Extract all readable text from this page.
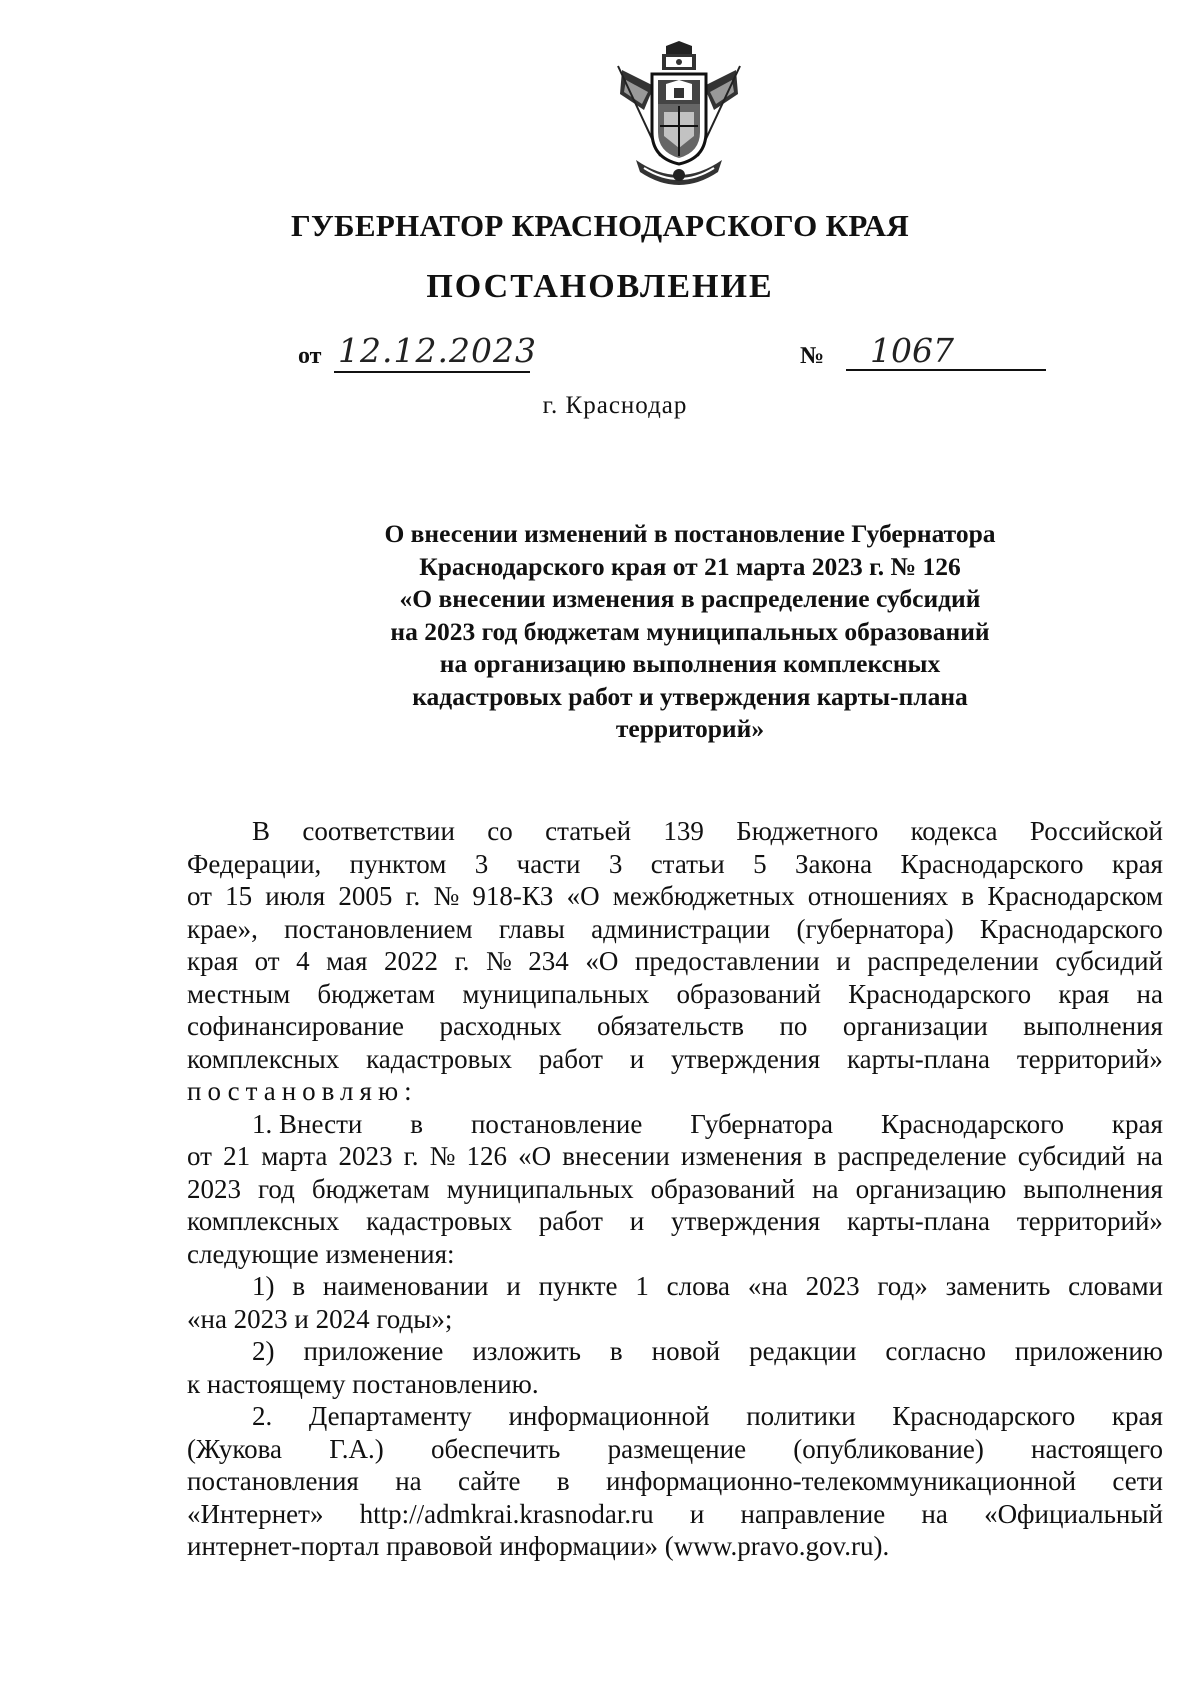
ГУБЕРНАТОР КРАСНОДАРСКОГО КРАЯ
ПОСТАНОВЛЕНИЕ
от 12.12.2023	№	1067
г. Краснодар
О внесении изменений в постановление Губернатора
Краснодарского края от 21 марта 2023 г. № 126
«О внесении изменения в распределение субсидий
на 2023 год бюджетам муниципальных образований
на организацию выполнения комплексных
кадастровых работ и утверждения карты-плана
территорий»
В соответствии со статьей 139 Бюджетного кодекса Российской
Федерации, пунктом 3 части 3 статьи 5 Закона Краснодарского края
от 15 июля 2005 г. № 918-КЗ «О межбюджетных отношениях в Краснодарском
крае», постановлением главы администрации (губернатора) Краснодарского
края от 4 мая 2022 г. № 234 «О предоставлении и распределении субсидий
местным бюджетам муниципальных образований Краснодарского края на
софинансирование расходных обязательств по организации выполнения
комплексных кадастровых работ и утверждения карты-плана территорий»
постановляю:
1. Внести в постановление Губернатора Краснодарского края
от 21 марта 2023 г. № 126 «О внесении изменения в распределение субсидий на
2023 год бюджетам муниципальных образований на организацию выполнения
комплексных кадастровых работ и утверждения карты-плана территорий»
следующие изменения:
1) в наименовании и пункте 1 слова «на 2023 год» заменить словами
«на 2023 и 2024 годы»;
2) приложение изложить в новой редакции согласно приложению
к настоящему постановлению.
2. Департаменту информационной политики Краснодарского края
(Жукова Г.А.) обеспечить размещение (опубликование) настоящего
постановления на сайте в информационно-телекоммуникационной сети
«Интернет» http://admkrai.krasnodar.ru и направление на «Официальный
интернет-портал правовой информации» (www.pravo.gov.ru).
